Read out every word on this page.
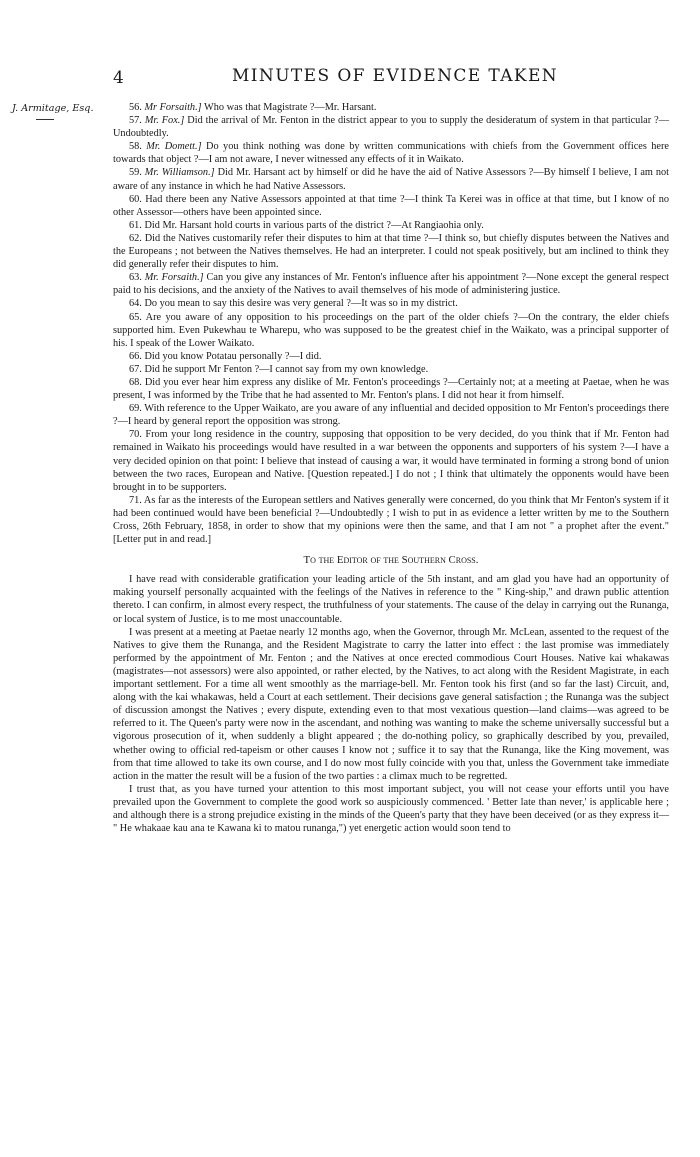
4	MINUTES OF EVIDENCE TAKEN
J. Armitage, Esq.	56. Mr Forsaith.] Who was that Magistrate ?—Mr. Harsant.

57. Mr. Fox.] Did the arrival of Mr. Fenton in the district appear to you to supply the desideratum of system in that particular ?—Undoubtedly.

58. Mr. Domett.] Do you think nothing was done by written communications with chiefs from the Government offices here towards that object ?—I am not aware, I never witnessed any effects of it in Waikato.

59. Mr. Williamson.] Did Mr. Harsant act by himself or did he have the aid of Native Assessors ?—By himself I believe, I am not aware of any instance in which he had Native Assessors.

60. Had there been any Native Assessors appointed at that time ?—I think Ta Kerei was in office at that time, but I know of no other Assessor—others have been appointed since.

61. Did Mr. Harsant hold courts in various parts of the district ?—At Rangiaohia only.

62. Did the Natives customarily refer their disputes to him at that time ?—I think so, but chiefly disputes between the Natives and the Europeans ; not between the Natives themselves. He had an interpreter. I could not speak positively, but am inclined to think they did generally refer their disputes to him.

63. Mr. Forsaith.] Can you give any instances of Mr. Fenton's influence after his appointment ?—None except the general respect paid to his decisions, and the anxiety of the Natives to avail themselves of his mode of administering justice.

64. Do you mean to say this desire was very general ?—It was so in my district.

65. Are you aware of any opposition to his proceedings on the part of the older chiefs ?—On the contrary, the elder chiefs supported him. Even Pukewhau te Wharepu, who was supposed to be the greatest chief in the Waikato, was a principal supporter of his. I speak of the Lower Waikato.

66. Did you know Potatau personally ?—I did.

67. Did he support Mr Fenton ?—I cannot say from my own knowledge.

68. Did you ever hear him express any dislike of Mr. Fenton's proceedings ?—Certainly not; at a meeting at Paetae, when he was present, I was informed by the Tribe that he had assented to Mr. Fenton's plans. I did not hear it from himself.

69. With reference to the Upper Waikato, are you aware of any influential and decided opposition to Mr Fenton's proceedings there ?—I heard by general report the opposition was strong.

70. From your long residence in the country, supposing that opposition to be very decided, do you think that if Mr. Fenton had remained in Waikato his proceedings would have resulted in a war between the opponents and supporters of his system ?—I have a very decided opinion on that point: I believe that instead of causing a war, it would have terminated in forming a strong bond of union between the two races, European and Native. [Question repeated.] I do not ; I think that ultimately the opponents would have been brought in to be supporters.

71. As far as the interests of the European settlers and Natives generally were concerned, do you think that Mr Fenton's system if it had been continued would have been beneficial ?—Undoubtedly ; I wish to put in as evidence a letter written by me to the Southern Cross, 26th February, 1858, in order to show that my opinions were then the same, and that I am not " a prophet after the event." [Letter put in and read.]

To the Editor of the Southern Cross.

I have read with considerable gratification your leading article of the 5th instant, and am glad you have had an opportunity of making yourself personally acquainted with the feelings of the Natives in reference to the " King-ship," and drawn public attention thereto. I can confirm, in almost every respect, the truthfulness of your statements. The cause of the delay in carrying out the Runanga, or local system of Justice, is to me most unaccountable.

I was present at a meeting at Paetae nearly 12 months ago, when the Governor, through Mr. McLean, assented to the request of the Natives to give them the Runanga, and the Resident Magistrate to carry the latter into effect : the last promise was immediately performed by the appointment of Mr. Fenton ; and the Natives at once erected commodious Court Houses. Native kai whakawas (magistrates—not assessors) were also appointed, or rather elected, by the Natives, to act along with the Resident Magistrate, in each important settlement. For a time all went smoothly as the marriage-bell. Mr. Fenton took his first (and so far the last) Circuit, and, along with the kai whakawas, held a Court at each settlement. Their decisions gave general satisfaction ; the Runanga was the subject of discussion amongst the Natives ; every dispute, extending even to that most vexatious question—land claims—was agreed to be referred to it. The Queen's party were now in the ascendant, and nothing was wanting to make the scheme universally successful but a vigorous prosecution of it, when suddenly a blight appeared ; the do-nothing policy, so graphically described by you, prevailed, whether owing to official red-tapeism or other causes I know not ; suffice it to say that the Runanga, like the King movement, was from that time allowed to take its own course, and I do now most fully coincide with you that, unless the Government take immediate action in the matter the result will be a fusion of the two parties : a climax much to be regretted.

I trust that, as you have turned your attention to this most important subject, you will not cease your efforts until you have prevailed upon the Government to complete the good work so auspiciously commenced. ' Better late than never,' is applicable here ; and although there is a strong prejudice existing in the minds of the Queen's party that they have been deceived (or as they express it— " He whakaae kau ana te Kawana ki to matou runanga,") yet energetic action would soon tend to
